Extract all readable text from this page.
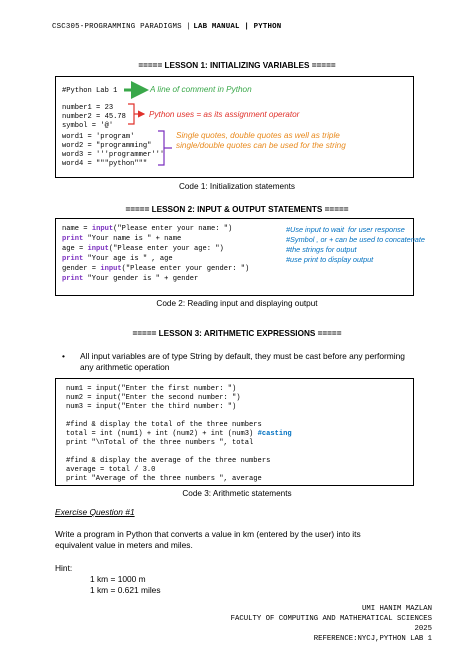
CSC305-PROGRAMMING PARADIGMS | LAB MANUAL | PYTHON
===== LESSON 1: INITIALIZING VARIABLES =====
#Python Lab 1
number1 = 23
number2 = 45.78
symbol = '@'
word1 = 'program'
word2 = "programming"
word3 = '''programmer'''
word4 = """python"""
A line of comment in Python
Python uses = as its assignment operator
Single quotes, double quotes as well as triple
single/double quotes can be used for the string
Code 1: Initialization statements
===== LESSON 2: INPUT & OUTPUT STATEMENTS =====
name = input("Please enter your name: ")
print "Your name is " + name
age = input("Please enter your age: ")
print "Your age is " , age
gender = input("Please enter your gender: ")
print "Your gender is " + gender
#Use input to wait  for user response
#Symbol , or + can be used to concatenate
#the strings for output
#use print to display output
Code 2: Reading input and displaying output
===== LESSON 3: ARITHMETIC EXPRESSIONS =====
• All input variables are of type String by default, they must be cast before any performing
any arithmetic operation
num1 = input("Enter the first number: ")
num2 = input("Enter the second number: ")
num3 = input("Enter the third number: ")
#find & display the total of the three numbers
total = int (num1) + int (num2) + int (num3) #casting
print "\nTotal of the three numbers ", total
#find & display the average of the three numbers
average = total / 3.0
print "Average of the three numbers ", average
Code 3: Arithmetic statements
Exercise Question #1
Write a program in Python that converts a value in km (entered by the user) into its
equivalent value in meters and miles.
Hint:
1 km = 1000 m
1 km = 0.621 miles
UMI HANIM MAZLAN
FACULTY OF COMPUTING AND MATHEMATICAL SCIENCES
2025
REFERENCE:NYCJ,PYTHON LAB 1
